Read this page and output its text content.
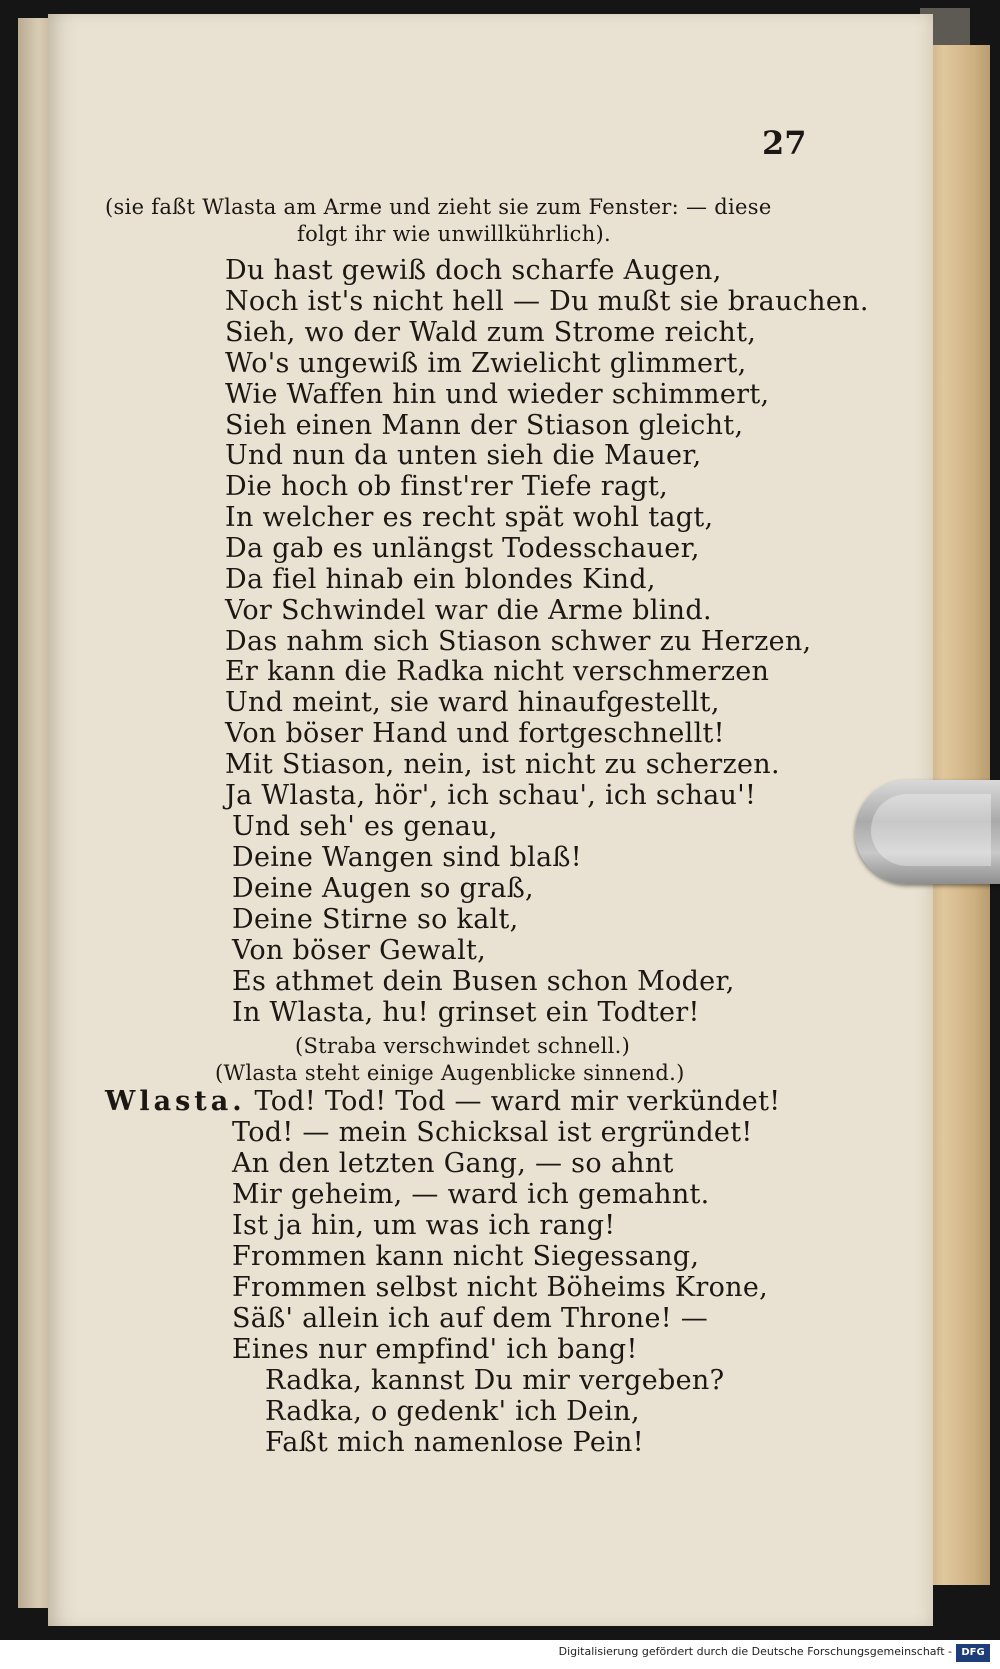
27
(sie faßt Wlasta am Arme und zieht sie zum Fenster: — diese
folgt ihr wie unwillkührlich).
Du hast gewiß doch scharfe Augen,
Noch ist's nicht hell — Du mußt sie brauchen.
Sieh, wo der Wald zum Strome reicht,
Wo's ungewiß im Zwielicht glimmert,
Wie Waffen hin und wieder schimmert,
Sieh einen Mann der Stiason gleicht,
Und nun da unten sieh die Mauer,
Die hoch ob finst'rer Tiefe ragt,
In welcher es recht spät wohl tagt,
Da gab es unlängst Todesschauer,
Da fiel hinab ein blondes Kind,
Vor Schwindel war die Arme blind.
Das nahm sich Stiason schwer zu Herzen,
Er kann die Radka nicht verschmerzen
Und meint, sie ward hinaufgestellt,
Von böser Hand und fortgeschnellt!
Mit Stiason, nein, ist nicht zu scherzen.
Ja Wlasta, hör', ich schau', ich schau'!
Und seh' es genau,
Deine Wangen sind blaß!
Deine Augen so graß,
Deine Stirne so kalt,
Von böser Gewalt,
Es athmet dein Busen schon Moder,
In Wlasta, hu! grinset ein Todter!
(Straba verschwindet schnell.)
(Wlasta steht einige Augenblicke sinnend.)
Wlasta. Tod! Tod! Tod — ward mir verkündet!
Tod! — mein Schicksal ist ergründet!
An den letzten Gang, — so ahnt
Mir geheim, — ward ich gemahnt.
Ist ja hin, um was ich rang!
Frommen kann nicht Siegessang,
Frommen selbst nicht Böheims Krone,
Säß' allein ich auf dem Throne! —
Eines nur empfind' ich bang!
Radka, kannst Du mir vergeben?
Radka, o gedenk' ich Dein,
Faßt mich namenlose Pein!
Digitalisierung gefördert durch die Deutsche Forschungsgemeinschaft - DFG
